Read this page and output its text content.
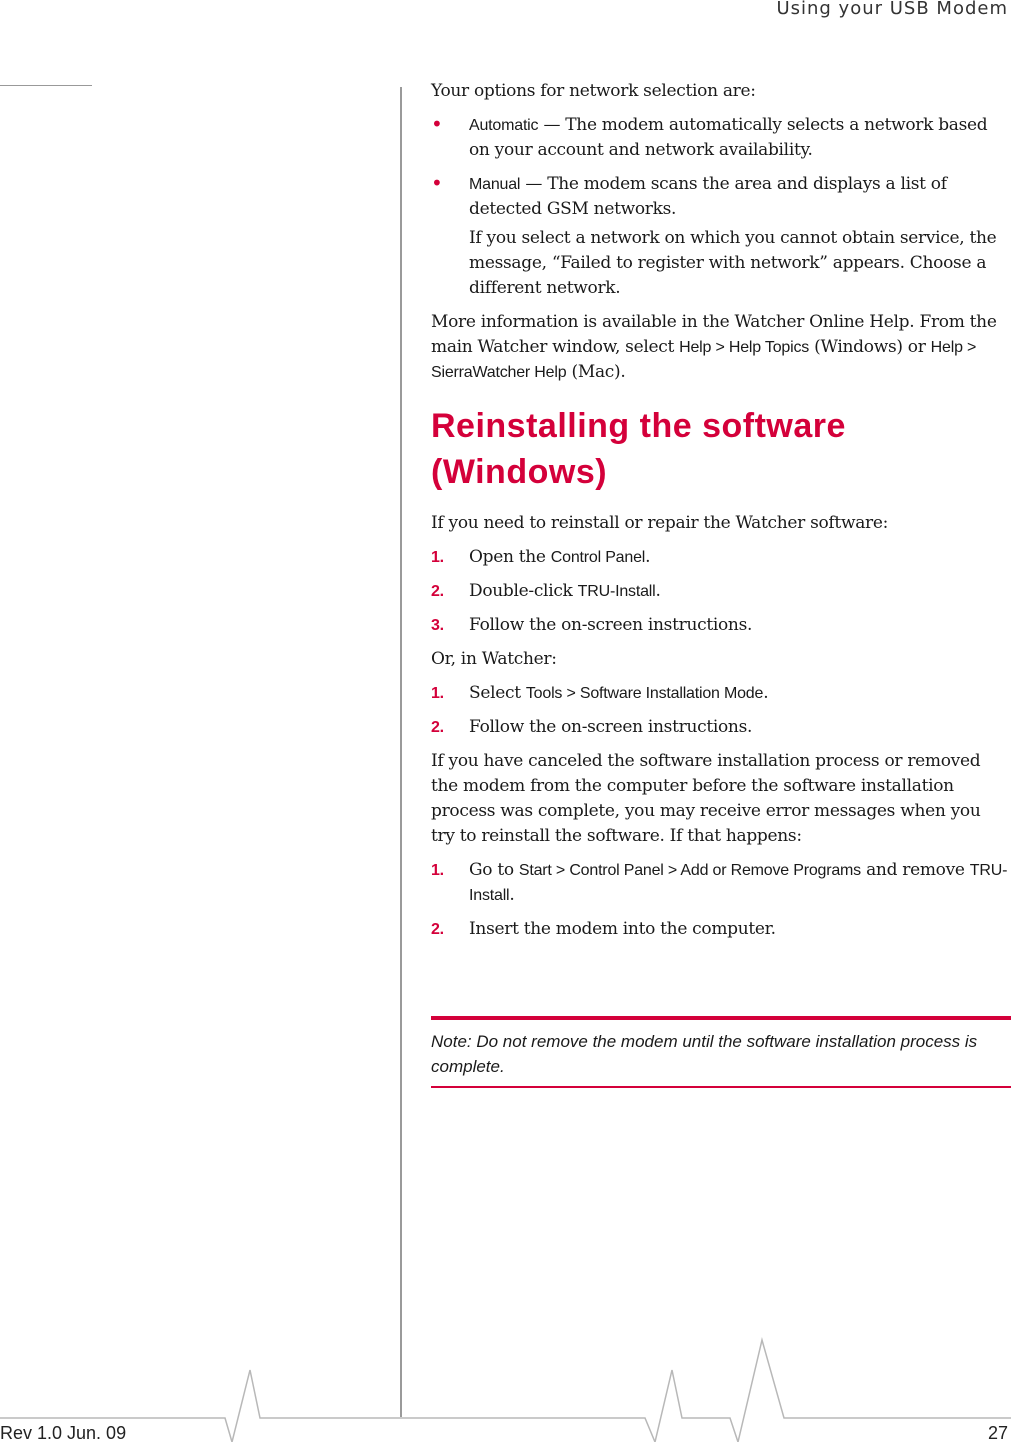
Using your USB Modem

Your options for network selection are:

• Automatic — The modem automatically selects a network based on your account and network availability.
• Manual — The modem scans the area and displays a list of detected GSM networks.

If you select a network on which you cannot obtain service, the message, “Failed to register with network” appears. Choose a different network.

More information is available in the Watcher Online Help. From the main Watcher window, select Help > Help Topics (Windows) or Help > SierraWatcher Help (Mac).

Reinstalling the software (Windows)

If you need to reinstall or repair the Watcher software:

1. Open the Control Panel.
2. Double-click TRU-Install.
3. Follow the on-screen instructions.

Or, in Watcher:

1. Select Tools > Software Installation Mode.
2. Follow the on-screen instructions.

If you have canceled the software installation process or removed the modem from the computer before the software installation process was complete, you may receive error messages when you try to reinstall the software. If that happens:

1. Go to Start > Control Panel > Add or Remove Programs and remove TRU-Install.
2. Insert the modem into the computer.

Note: Do not remove the modem until the software installation process is complete.

Rev 1.0 Jun. 09	27
